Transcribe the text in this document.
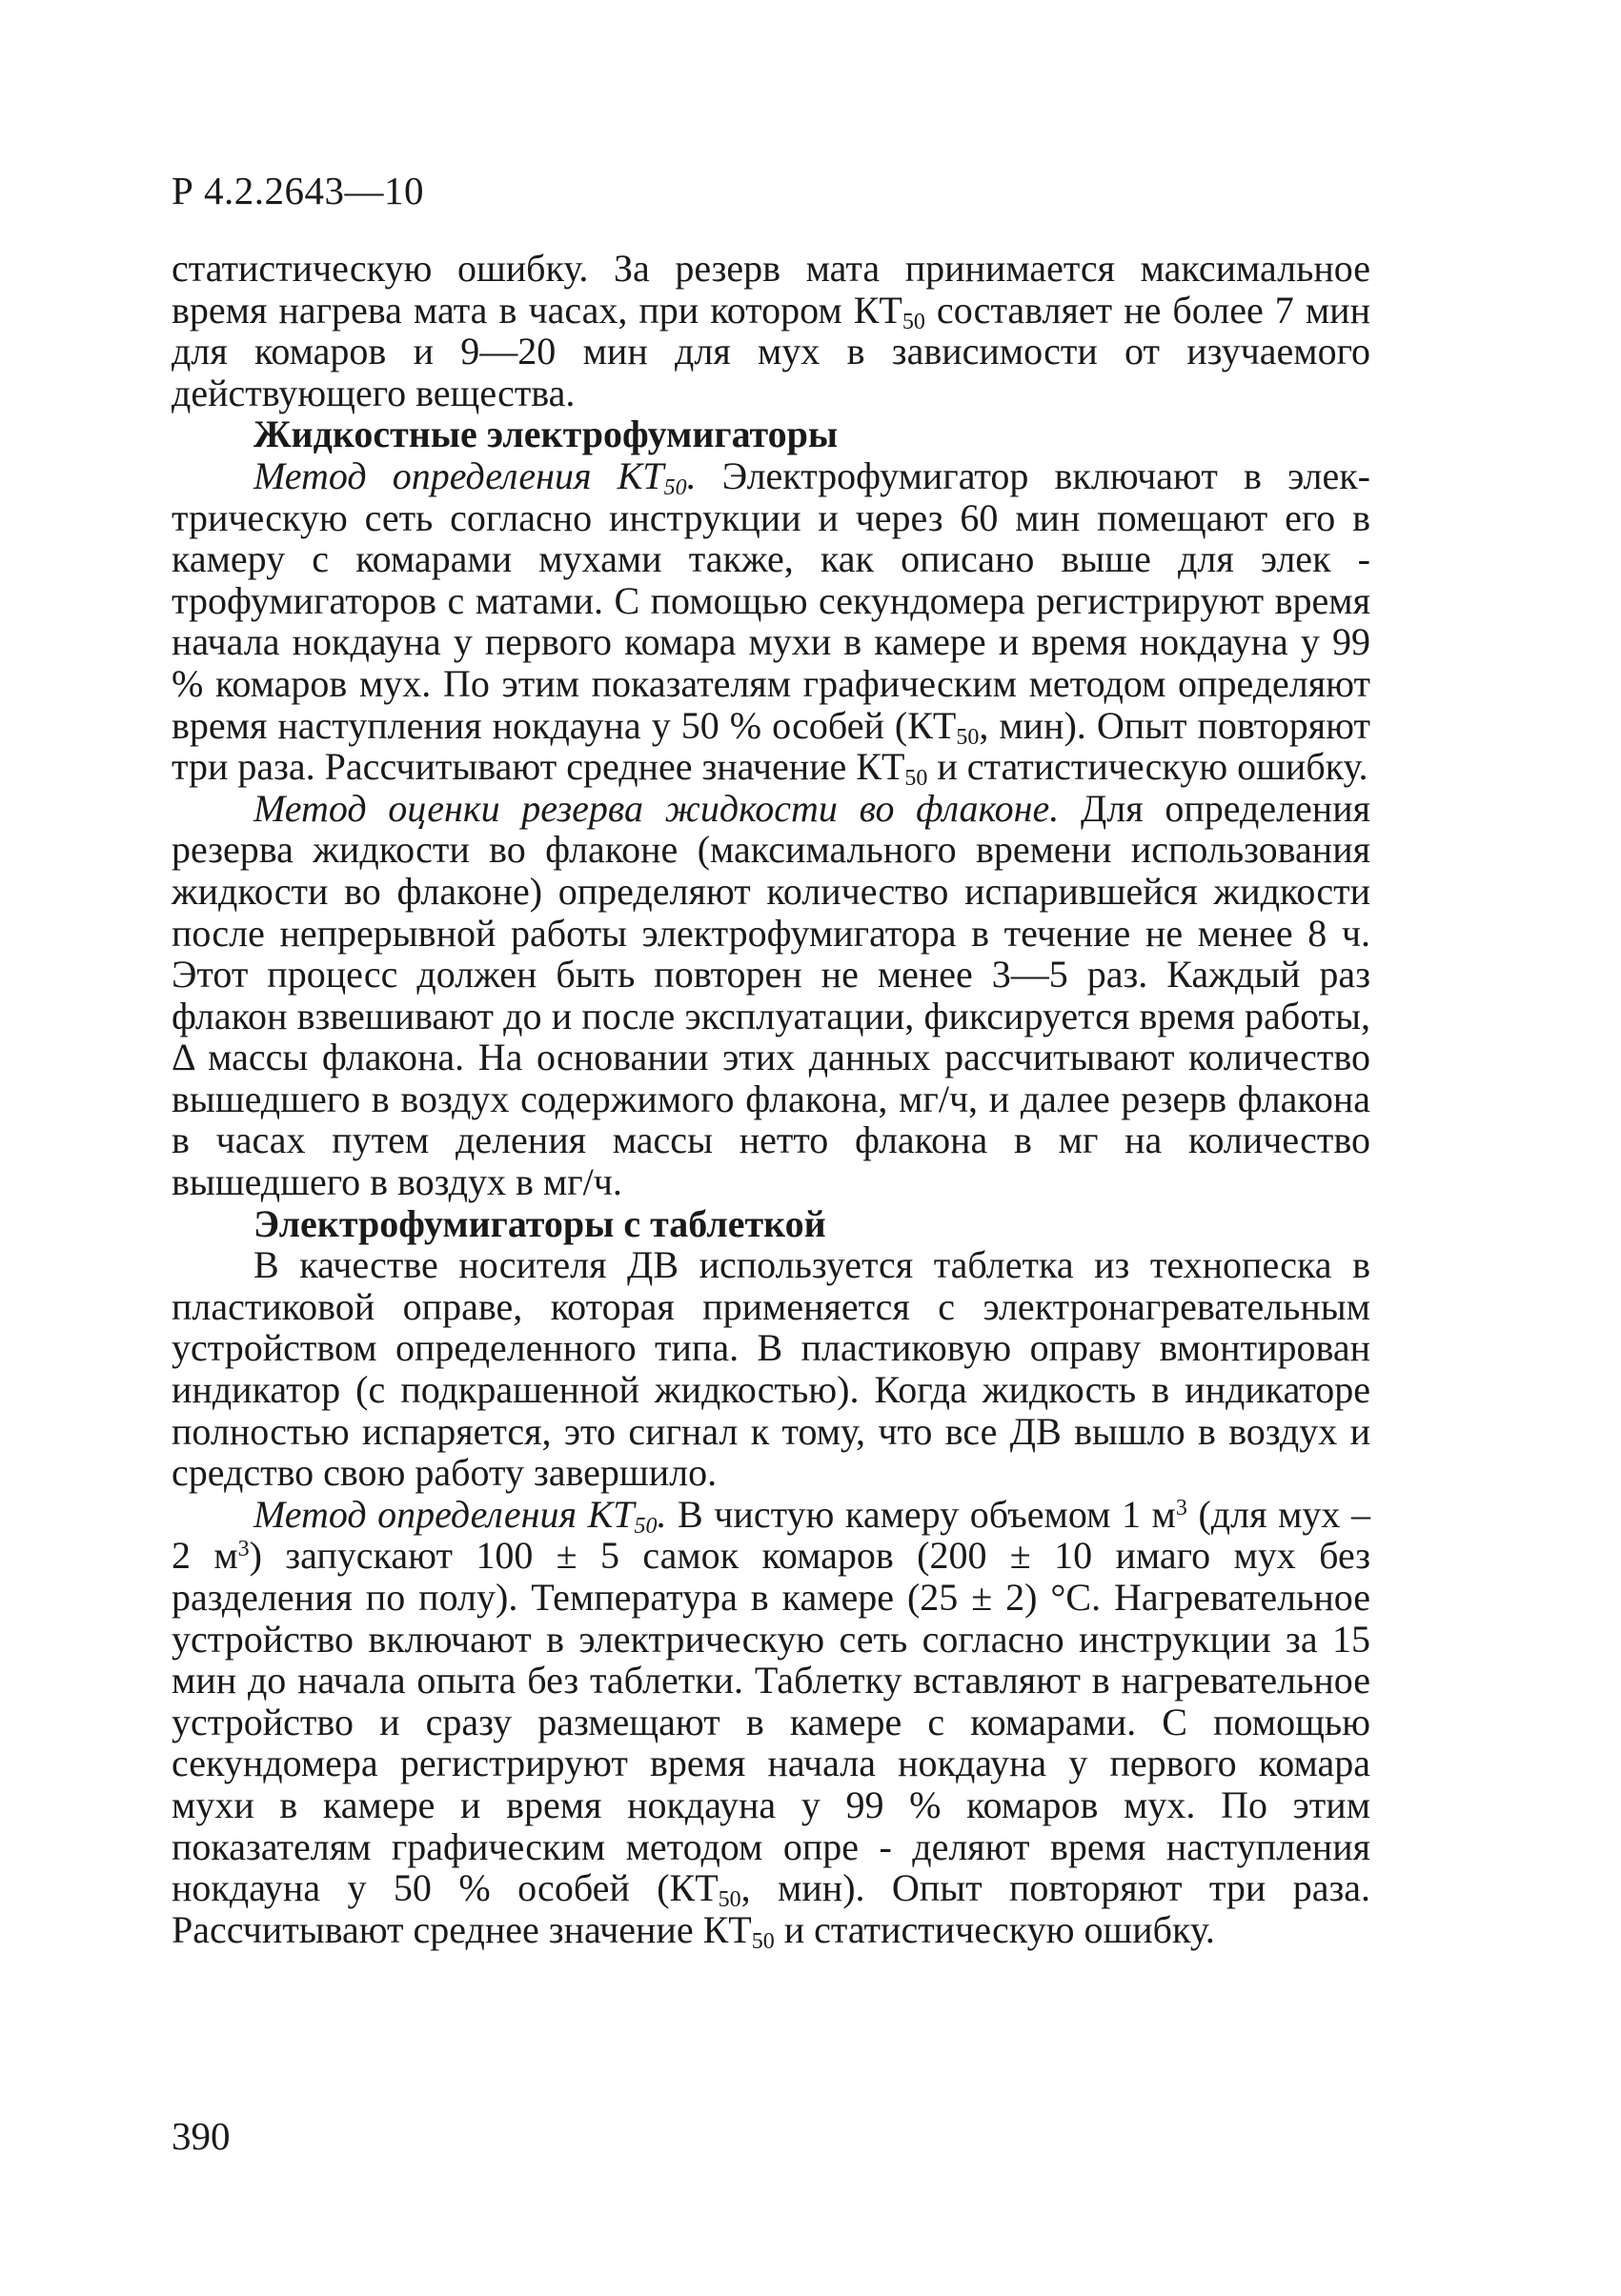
Р 4.2.2643—10

статистическую ошибку. За резерв мата принимается максимальное время нагрева мата в часах, при котором $КТ_{50}$ составляет не более 7 мин для комаров и 9—20 мин для мух в зависимости от изучаемого действующего вещества.

Жидкостные электрофумигаторы

Метод определения $КТ_{50}$. Электрофумигатор включают в электрическую сеть согласно инструкции и через 60 мин помещают его в камеру с комарами мухами также, как описано выше для элек - трофумигаторов с матами. С помощью секундомера регистрируют время начала нокдауна у первого комара мухи в камере и время нокдауна у 99 % комаров мух. По этим показателям графическим методом определяют время наступления нокдауна у 50 % особей ($КТ_{50}$, мин). Опыт повторяют три раза. Рассчитывают среднее значение $КТ_{50}$ и статистическую ошибку.

Метод оценки резерва жидкости во флаконе. Для определения резерва жидкости во флаконе (максимального времени использования жидкости во флаконе) определяют количество испарившейся жидкости после непрерывной работы электрофумигатора в течение не менее 8 ч. Этот процесс должен быть повторен не менее 3—5 раз. Каждый раз флакон взвешивают до и после эксплуатации, фиксируется время работы, Δ массы флакона. На основании этих данных рассчитывают количество вышедшего в воздух содержимого флакона, мг/ч, и далее резерв флакона в часах путем деления массы нетто флакона в мг на количество вышедшего в воздух в мг/ч.

Электрофумигаторы с таблеткой

В качестве носителя ДВ используется таблетка из технопеска в пластиковой оправе, которая применяется с электронагревательным устройством определенного типа. В пластиковую оправу вмонтирован индикатор (с подкрашенной жидкостью). Когда жидкость в индикаторе полностью испаряется, это сигнал к тому, что все ДВ вышло в воздух и средство свою работу завершило.

Метод определения $КТ_{50}$. В чистую камеру объемом 1 $м^3$ (для мух – 2 $м^3$) запускают 100 ± 5 самок комаров (200 ± 10 имаго мух без разделения по полу). Температура в камере (25 ± 2) °С. Нагревательное устройство включают в электрическую сеть согласно инструкции за 15 мин до начала опыта без таблетки. Таблетку вставляют в нагревательное устройство и сразу размещают в камере с комарами. С помощью секундомера регистрируют время начала нокдауна у первого комара мухи в камере и время нокдауна у 99 % комаров мух. По этим показателям графическим методом опре - деляют время наступления нокдауна у 50 % особей ($КТ_{50}$, мин). Опыт повторяют три раза. Рассчитывают среднее значение $КТ_{50}$ и статистическую ошибку.

390
